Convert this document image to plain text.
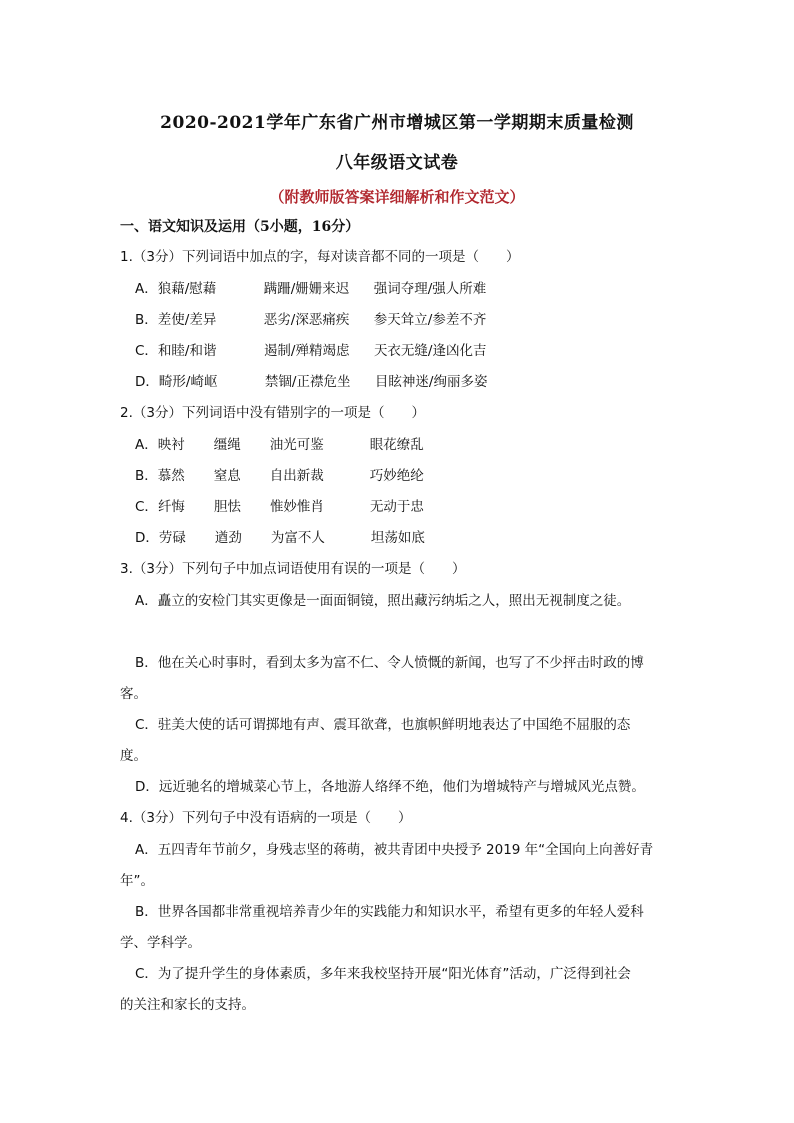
2020-2021学年广东省广州市增城区第一学期期末质量检测
八年级语文试卷
（附教师版答案详细解析和作文范文）
一、语文知识及运用（5小题，16分）
1.（3分）下列词语中加点的字，每对读音都不同的一项是（　　）
A．狼藉/慰藉	蹒跚/姗姗来迟 强词夺理/强人所难
B．差使/差异	恶劣/深恶痛疾 参天耸立/参差不齐
C．和睦/和谐	遏制/殚精竭虑 天衣无缝/逢凶化吉
D．畸形/崎岖	禁锢/正襟危坐 目眩神迷/绚丽多姿
2.（3分）下列词语中没有错别字的一项是（　　）
A．映衬 缰绳 油光可鉴	眼花缭乱
B．慕然 窒息 自出新裁	巧妙绝纶
C．纤悔 胆怯 惟妙惟肖	无动于忠
D．劳碌 遒劲 为富不人	坦荡如底
3.（3分）下列句子中加点词语使用有误的一项是（　　）
A．矗立的安检门其实更像是一面面铜镜，照出藏污纳垢之人，照出无视制度之徒。
B．他在关心时事时，看到太多为富不仁、令人愤慨的新闻，也写了不少抨击时政的博
客。
C．驻美大使的话可谓掷地有声、震耳欲聋，也旗帜鲜明地表达了中国绝不屈服的态
度。
D．远近驰名的增城菜心节上，各地游人络绎不绝，他们为增城特产与增城风光点赞。
4.（3分）下列句子中没有语病的一项是（　　）
A．五四青年节前夕，身残志坚的蒋萌，被共青团中央授予 2019 年“全国向上向善好青
年”。
B．世界各国都非常重视培养青少年的实践能力和知识水平，希望有更多的年轻人爱科
学、学科学。
C．为了提升学生的身体素质，多年来我校坚持开展“阳光体育”活动，广泛得到社会
的关注和家长的支持。
